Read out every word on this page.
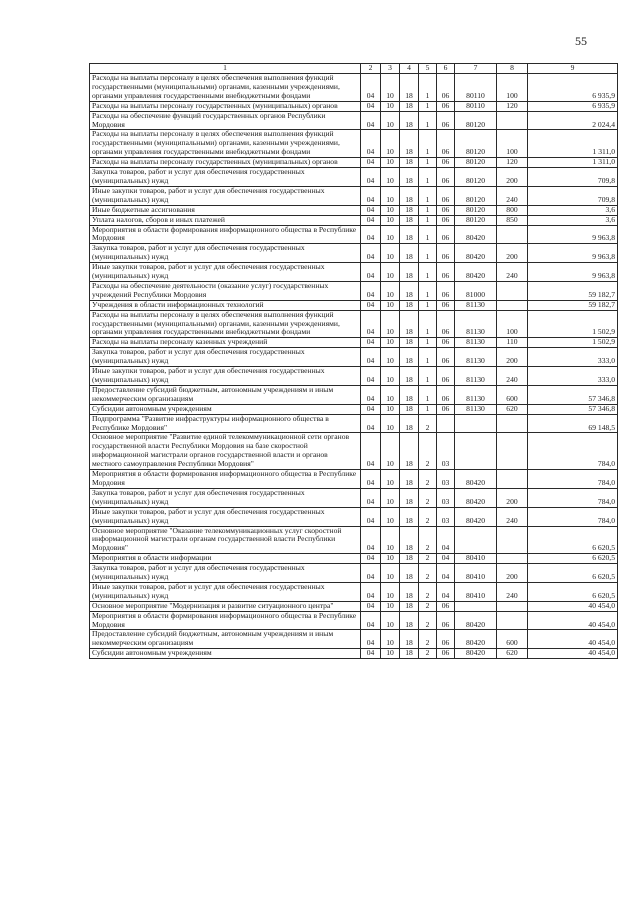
55
1	2	3	4	5	6	7	8	9
Расходы на выплаты персоналу в целях обеспечения выполнения функций государственными (муниципальными) органами, казенными учреждениями, органами управления государственными внебюджетными фондами	04	10	18	1	06	80110	100	6 935,9
Расходы на выплаты персоналу государственных (муниципальных) органов	04	10	18	1	06	80110	120	6 935,9
Расходы на обеспечение функций государственных органов Республики Мордовия	04	10	18	1	06	80120		2 024,4
Расходы на выплаты персоналу в целях обеспечения выполнения функций государственными (муниципальными) органами, казенными учреждениями, органами управления государственными внебюджетными фондами	04	10	18	1	06	80120	100	1 311,0
Расходы на выплаты персоналу государственных (муниципальных) органов	04	10	18	1	06	80120	120	1 311,0
Закупка товаров, работ и услуг для обеспечения государственных (муниципальных) нужд	04	10	18	1	06	80120	200	709,8
Иные закупки товаров, работ и услуг для обеспечения государственных (муниципальных) нужд	04	10	18	1	06	80120	240	709,8
Иные бюджетные ассигнования	04	10	18	1	06	80120	800	3,6
Уплата налогов, сборов и иных платежей	04	10	18	1	06	80120	850	3,6
Мероприятия в области формирования информационного общества в Республике Мордовия	04	10	18	1	06	80420		9 963,8
Закупка товаров, работ и услуг для обеспечения государственных (муниципальных) нужд	04	10	18	1	06	80420	200	9 963,8
Иные закупки товаров, работ и услуг для обеспечения государственных (муниципальных) нужд	04	10	18	1	06	80420	240	9 963,8
Расходы на обеспечение деятельности (оказание услуг) государственных учреждений Республики Мордовия	04	10	18	1	06	81000		59 182,7
Учреждения в области информационных технологий	04	10	18	1	06	81130		59 182,7
Расходы на выплаты персоналу в целях обеспечения выполнения функций государственными (муниципальными) органами, казенными учреждениями, органами управления государственными внебюджетными фондами	04	10	18	1	06	81130	100	1 502,9
Расходы на выплаты персоналу казенных учреждений	04	10	18	1	06	81130	110	1 502,9
Закупка товаров, работ и услуг для обеспечения государственных (муниципальных) нужд	04	10	18	1	06	81130	200	333,0
Иные закупки товаров, работ и услуг для обеспечения государственных (муниципальных) нужд	04	10	18	1	06	81130	240	333,0
Предоставление субсидий бюджетным, автономным учреждениям и иным некоммерческим организациям	04	10	18	1	06	81130	600	57 346,8
Субсидии автономным учреждениям	04	10	18	1	06	81130	620	57 346,8
Подпрограмма "Развитие инфраструктуры информационного общества в Республике Мордовия"	04	10	18	2				69 148,5
Основное мероприятие "Развитие единой телекоммуникационной сети органов государственной власти Республики Мордовия на базе скоростной информационной магистрали органов государственной власти и органов местного самоуправления Республики Мордовия"	04	10	18	2	03			784,0
Мероприятия в области формирования информационного общества в Республике Мордовия	04	10	18	2	03	80420		784,0
Закупка товаров, работ и услуг для обеспечения государственных (муниципальных) нужд	04	10	18	2	03	80420	200	784,0
Иные закупки товаров, работ и услуг для обеспечения государственных (муниципальных) нужд	04	10	18	2	03	80420	240	784,0
Основное мероприятие "Оказание телекоммуникационных услуг скоростной информационной магистрали органам государственной власти Республики Мордовия"	04	10	18	2	04			6 620,5
Мероприятия в области информации	04	10	18	2	04	80410		6 620,5
Закупка товаров, работ и услуг для обеспечения государственных (муниципальных) нужд	04	10	18	2	04	80410	200	6 620,5
Иные закупки товаров, работ и услуг для обеспечения государственных (муниципальных) нужд	04	10	18	2	04	80410	240	6 620,5
Основное мероприятие "Модернизация и развитие ситуационного центра"	04	10	18	2	06			40 454,0
Мероприятия в области формирования информационного общества в Республике Мордовия	04	10	18	2	06	80420		40 454,0
Предоставление субсидий бюджетным, автономным учреждениям и иным некоммерческим организациям	04	10	18	2	06	80420	600	40 454,0
Субсидии автономным учреждениям	04	10	18	2	06	80420	620	40 454,0
